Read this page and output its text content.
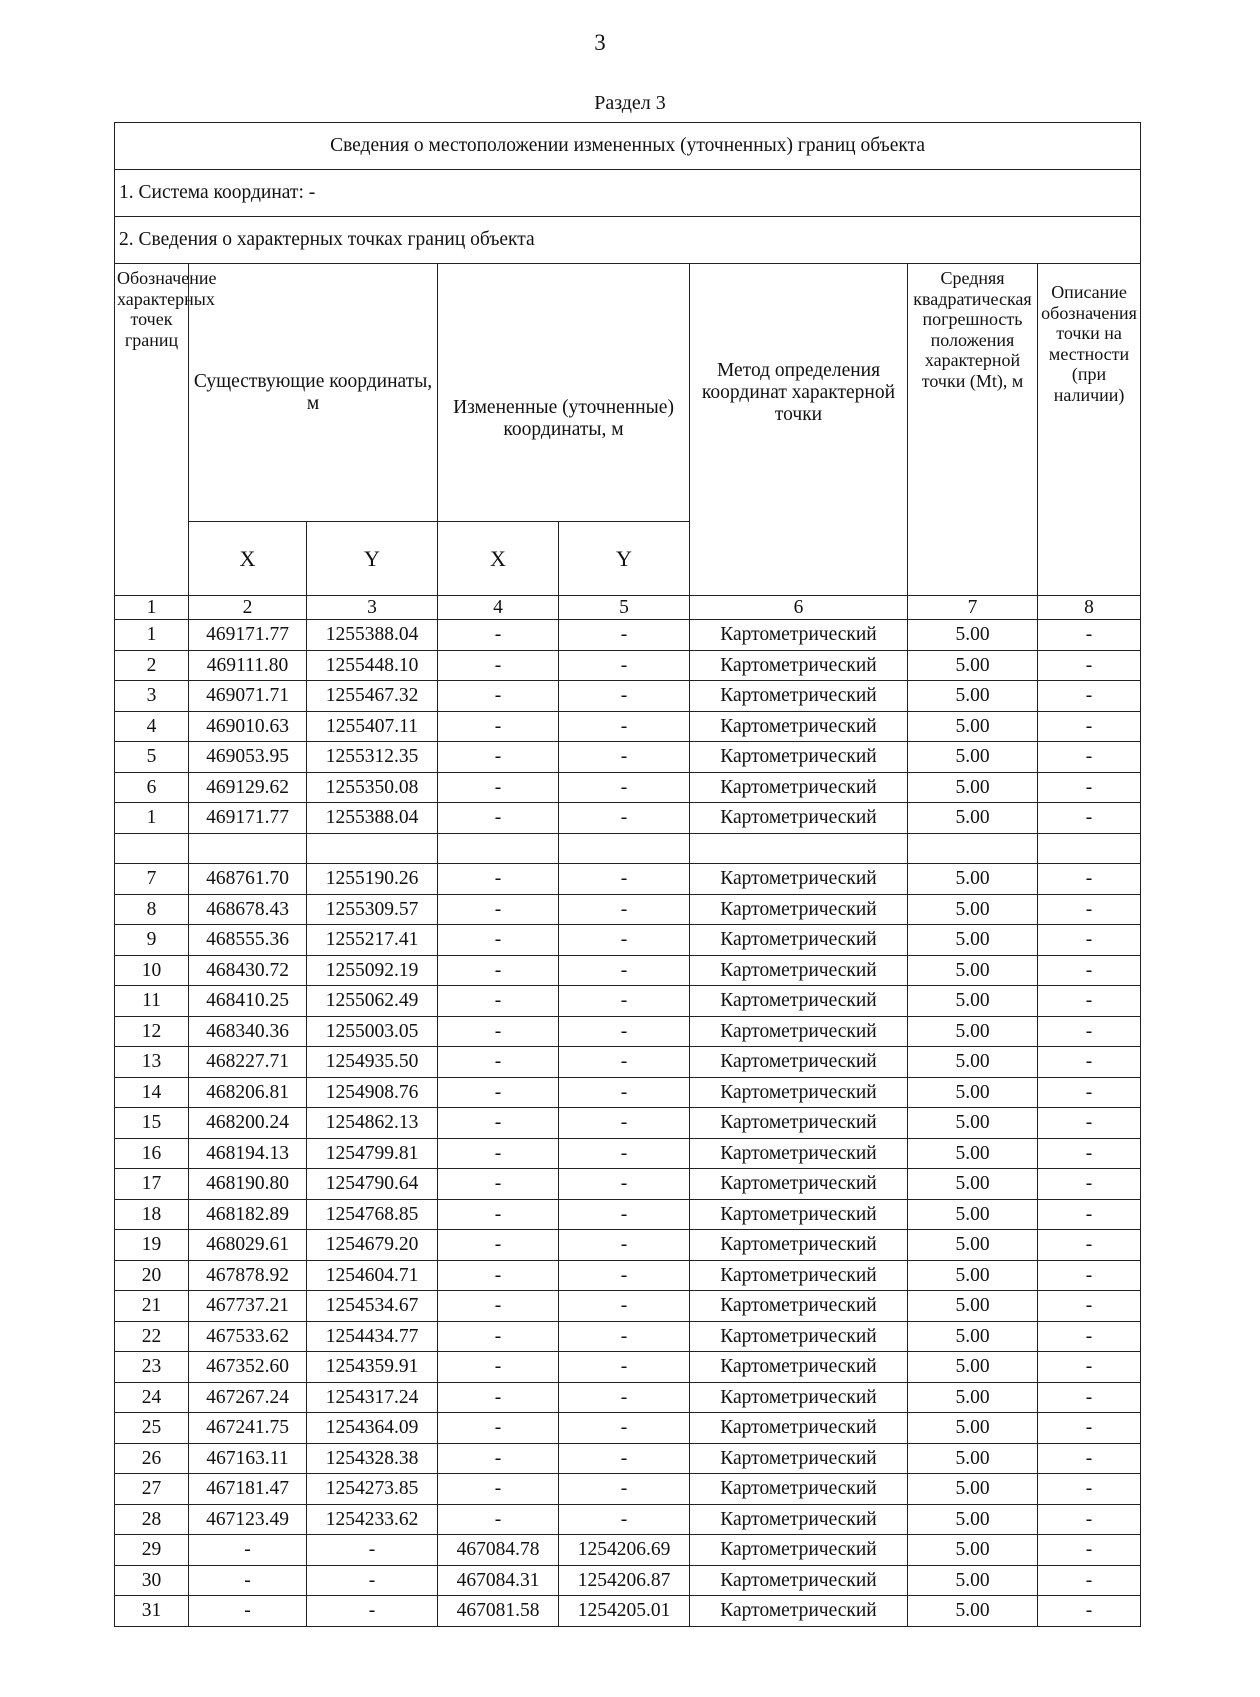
3
Раздел 3
Сведения о местоположении измененных (уточненных) границ объекта							
1. Система координат: -							
2. Сведения о характерных точках границ объекта							
Обозначение характерных точек границ	Существующие координаты, м		Измененные (уточненные) координаты, м		Метод определения координат характерной точки	Средняя квадратическая погрешность положения характерной точки (Mt), м	Описание обозначения точки на местности (при наличии)
	X	Y	X	Y			
1	2	3	4	5	6	7	8
1	469171.77	1255388.04	-	-	Картометрический	5.00	-
2	469111.80	1255448.10	-	-	Картометрический	5.00	-
3	469071.71	1255467.32	-	-	Картометрический	5.00	-
4	469010.63	1255407.11	-	-	Картометрический	5.00	-
5	469053.95	1255312.35	-	-	Картометрический	5.00	-
6	469129.62	1255350.08	-	-	Картометрический	5.00	-
1	469171.77	1255388.04	-	-	Картометрический	5.00	-

7	468761.70	1255190.26	-	-	Картометрический	5.00	-
8	468678.43	1255309.57	-	-	Картометрический	5.00	-
9	468555.36	1255217.41	-	-	Картометрический	5.00	-
10	468430.72	1255092.19	-	-	Картометрический	5.00	-
11	468410.25	1255062.49	-	-	Картометрический	5.00	-
12	468340.36	1255003.05	-	-	Картометрический	5.00	-
13	468227.71	1254935.50	-	-	Картометрический	5.00	-
14	468206.81	1254908.76	-	-	Картометрический	5.00	-
15	468200.24	1254862.13	-	-	Картометрический	5.00	-
16	468194.13	1254799.81	-	-	Картометрический	5.00	-
17	468190.80	1254790.64	-	-	Картометрический	5.00	-
18	468182.89	1254768.85	-	-	Картометрический	5.00	-
19	468029.61	1254679.20	-	-	Картометрический	5.00	-
20	467878.92	1254604.71	-	-	Картометрический	5.00	-
21	467737.21	1254534.67	-	-	Картометрический	5.00	-
22	467533.62	1254434.77	-	-	Картометрический	5.00	-
23	467352.60	1254359.91	-	-	Картометрический	5.00	-
24	467267.24	1254317.24	-	-	Картометрический	5.00	-
25	467241.75	1254364.09	-	-	Картометрический	5.00	-
26	467163.11	1254328.38	-	-	Картометрический	5.00	-
27	467181.47	1254273.85	-	-	Картометрический	5.00	-
28	467123.49	1254233.62	-	-	Картометрический	5.00	-
29	-	-	467084.78	1254206.69	Картометрический	5.00	-
30	-	-	467084.31	1254206.87	Картометрический	5.00	-
31	-	-	467081.58	1254205.01	Картометрический	5.00	-
